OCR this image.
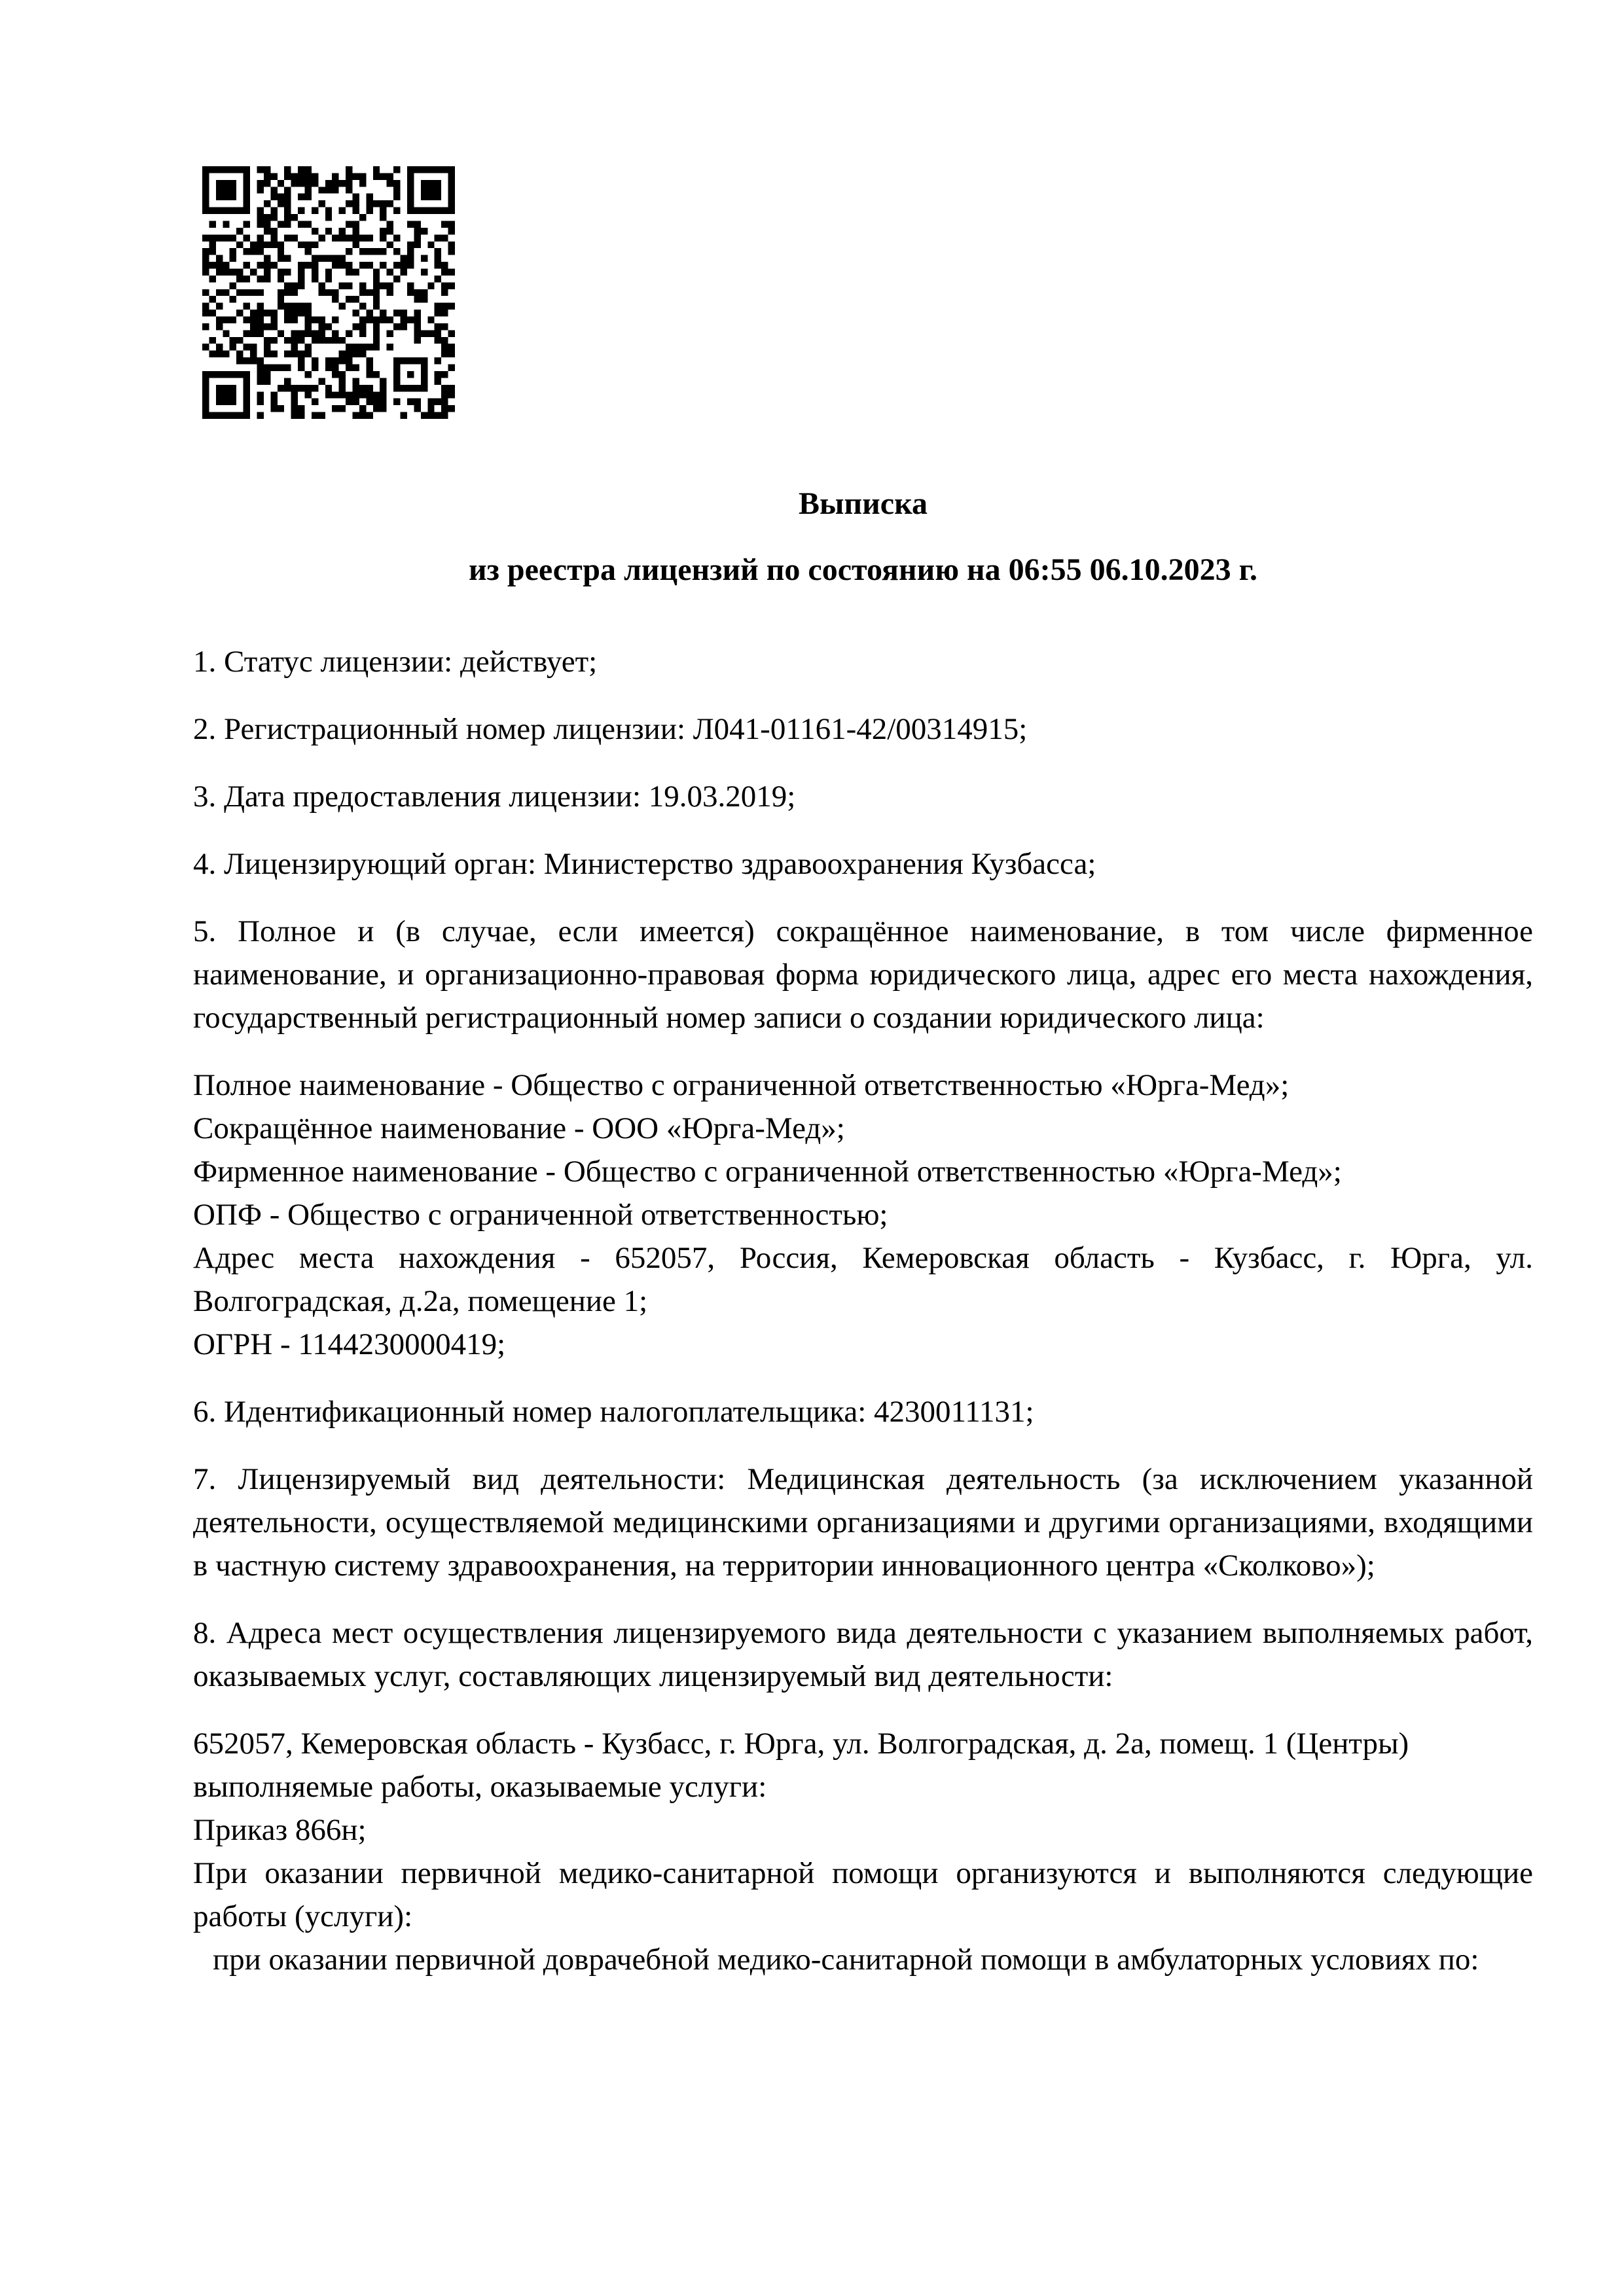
Выписка
из реестра лицензий по состоянию на 06:55 06.10.2023 г.

1. Статус лицензии: действует;

2. Регистрационный номер лицензии: Л041-01161-42/00314915;

3. Дата предоставления лицензии: 19.03.2019;

4. Лицензирующий орган: Министерство здравоохранения Кузбасса;

5. Полное и (в случае, если имеется) сокращённое наименование, в том числе фирменное наименование, и организационно-правовая форма юридического лица, адрес его места нахождения, государственный регистрационный номер записи о создании юридического лица:

Полное наименование - Общество с ограниченной ответственностью «Юрга-Мед»;
Сокращённое наименование - ООО «Юрга-Мед»;
Фирменное наименование - Общество с ограниченной ответственностью «Юрга-Мед»;
ОПФ - Общество с ограниченной ответственностью;
Адрес места нахождения - 652057, Россия, Кемеровская область - Кузбасс, г. Юрга, ул. Волгоградская, д.2а, помещение 1;
ОГРН - 1144230000419;

6. Идентификационный номер налогоплательщика: 4230011131;

7. Лицензируемый вид деятельности: Медицинская деятельность (за исключением указанной деятельности, осуществляемой медицинскими организациями и другими организациями, входящими в частную систему здравоохранения, на территории инновационного центра «Сколково»);

8. Адреса мест осуществления лицензируемого вида деятельности с указанием выполняемых работ, оказываемых услуг, составляющих лицензируемый вид деятельности:

652057, Кемеровская область - Кузбасс, г. Юрга, ул. Волгоградская, д. 2а, помещ. 1 (Центры)
выполняемые работы, оказываемые услуги:
Приказ 866н;
При оказании первичной медико-санитарной помощи организуются и выполняются следующие работы (услуги):
при оказании первичной доврачебной медико-санитарной помощи в амбулаторных условиях по:
